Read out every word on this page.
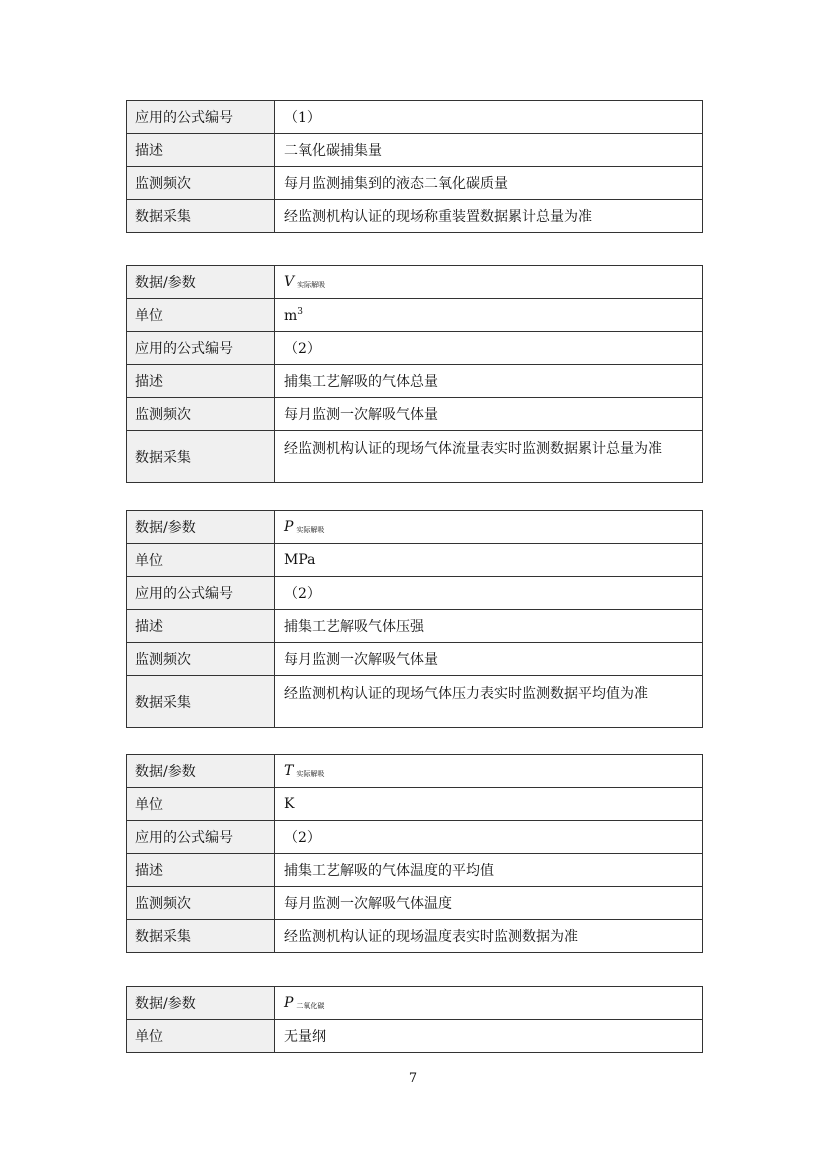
应用的公式编号	（1）
描述	二氧化碳捕集量
监测频次	每月监测捕集到的液态二氧化碳质量
数据采集	经监测机构认证的现场称重装置数据累计总量为准
数据/参数	V 实际解吸
单位	$m^3$
应用的公式编号	（2）
描述	捕集工艺解吸的气体总量
监测频次	每月监测一次解吸气体量
数据采集	经监测机构认证的现场气体流量表实时监测数据累计总量为准
数据/参数	P 实际解吸
单位	MPa
应用的公式编号	（2）
描述	捕集工艺解吸气体压强
监测频次	每月监测一次解吸气体量
数据采集	经监测机构认证的现场气体压力表实时监测数据平均值为准
数据/参数	T 实际解吸
单位	K
应用的公式编号	（2）
描述	捕集工艺解吸的气体温度的平均值
监测频次	每月监测一次解吸气体温度
数据采集	经监测机构认证的现场温度表实时监测数据为准
数据/参数	P 二氧化碳
单位	无量纲
7
